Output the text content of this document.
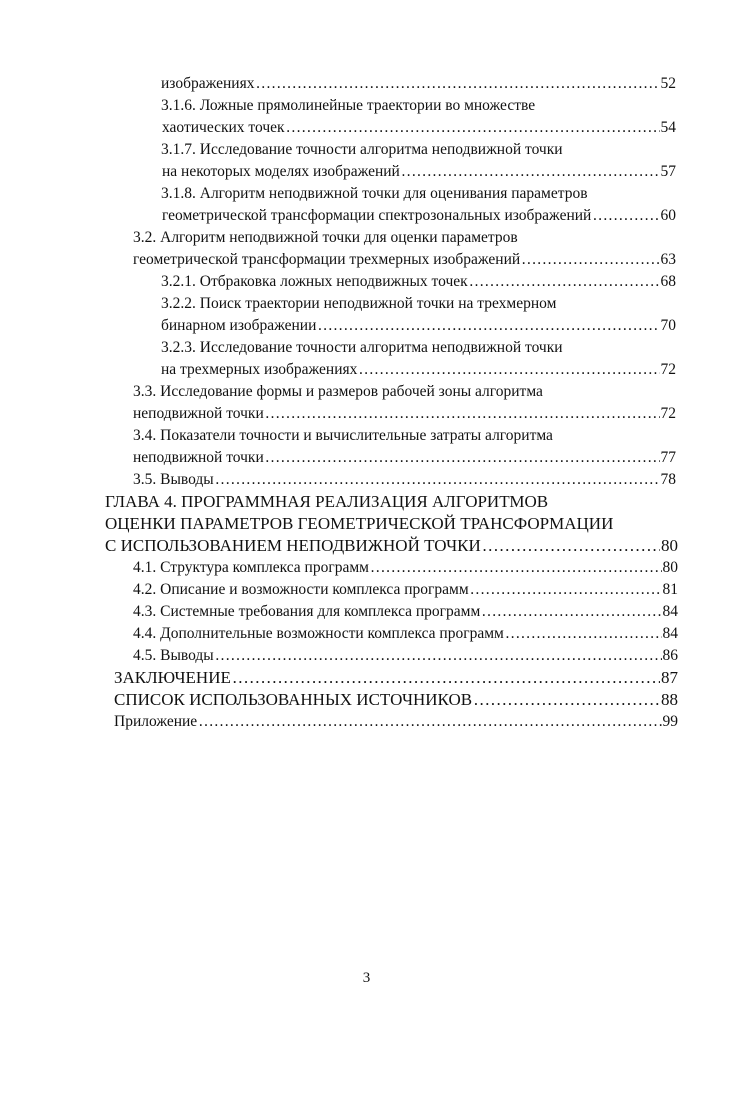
изображениях ……………………………………………………………………………………………………………………………………………………	52
3.1.6. Ложные прямолинейные траектории во множестве
хаотических точек ……………………………………………………………………………………………………………………………………………………	54
3.1.7. Исследование точности алгоритма неподвижной точки
на некоторых моделях изображений ……………………………………………………………………………………………………………………………………………………	57
3.1.8. Алгоритм неподвижной точки для оценивания параметров
геометрической трансформации спектрозональных изображений ……………………………………………………………………………………………………………………………………………………	60
3.2. Алгоритм неподвижной точки для оценки параметров
геометрической трансформации трехмерных изображений ……………………………………………………………………………………………………………………………………………………	63
3.2.1. Отбраковка ложных неподвижных точек ……………………………………………………………………………………………………………………………………………………	68
3.2.2. Поиск траектории неподвижной точки на трехмерном
бинарном изображении ……………………………………………………………………………………………………………………………………………………	70
3.2.3. Исследование точности алгоритма неподвижной точки
на трехмерных изображениях ……………………………………………………………………………………………………………………………………………………	72
3.3. Исследование формы и размеров рабочей зоны алгоритма
неподвижной точки ……………………………………………………………………………………………………………………………………………………	72
3.4. Показатели точности и вычислительные затраты алгоритма
неподвижной точки ……………………………………………………………………………………………………………………………………………………	77
3.5. Выводы ……………………………………………………………………………………………………………………………………………………	78
ГЛАВА 4. ПРОГРАММНАЯ РЕАЛИЗАЦИЯ АЛГОРИТМОВ
ОЦЕНКИ ПАРАМЕТРОВ ГЕОМЕТРИЧЕСКОЙ ТРАНСФОРМАЦИИ
С ИСПОЛЬЗОВАНИЕМ НЕПОДВИЖНОЙ ТОЧКИ ……………………………………………………………………………………………………………………………………………………	80
4.1. Структура комплекса программ ……………………………………………………………………………………………………………………………………………………	80
4.2. Описание и возможности комплекса программ ……………………………………………………………………………………………………………………………………………………	81
4.3. Системные требования для комплекса программ ……………………………………………………………………………………………………………………………………………………	84
4.4. Дополнительные возможности комплекса программ ……………………………………………………………………………………………………………………………………………………	84
4.5. Выводы ……………………………………………………………………………………………………………………………………………………	86
ЗАКЛЮЧЕНИЕ ……………………………………………………………………………………………………………………………………………………	87
СПИСОК ИСПОЛЬЗОВАННЫХ ИСТОЧНИКОВ ……………………………………………………………………………………………………………………………………………………	88
Приложение ……………………………………………………………………………………………………………………………………………………	99
3
